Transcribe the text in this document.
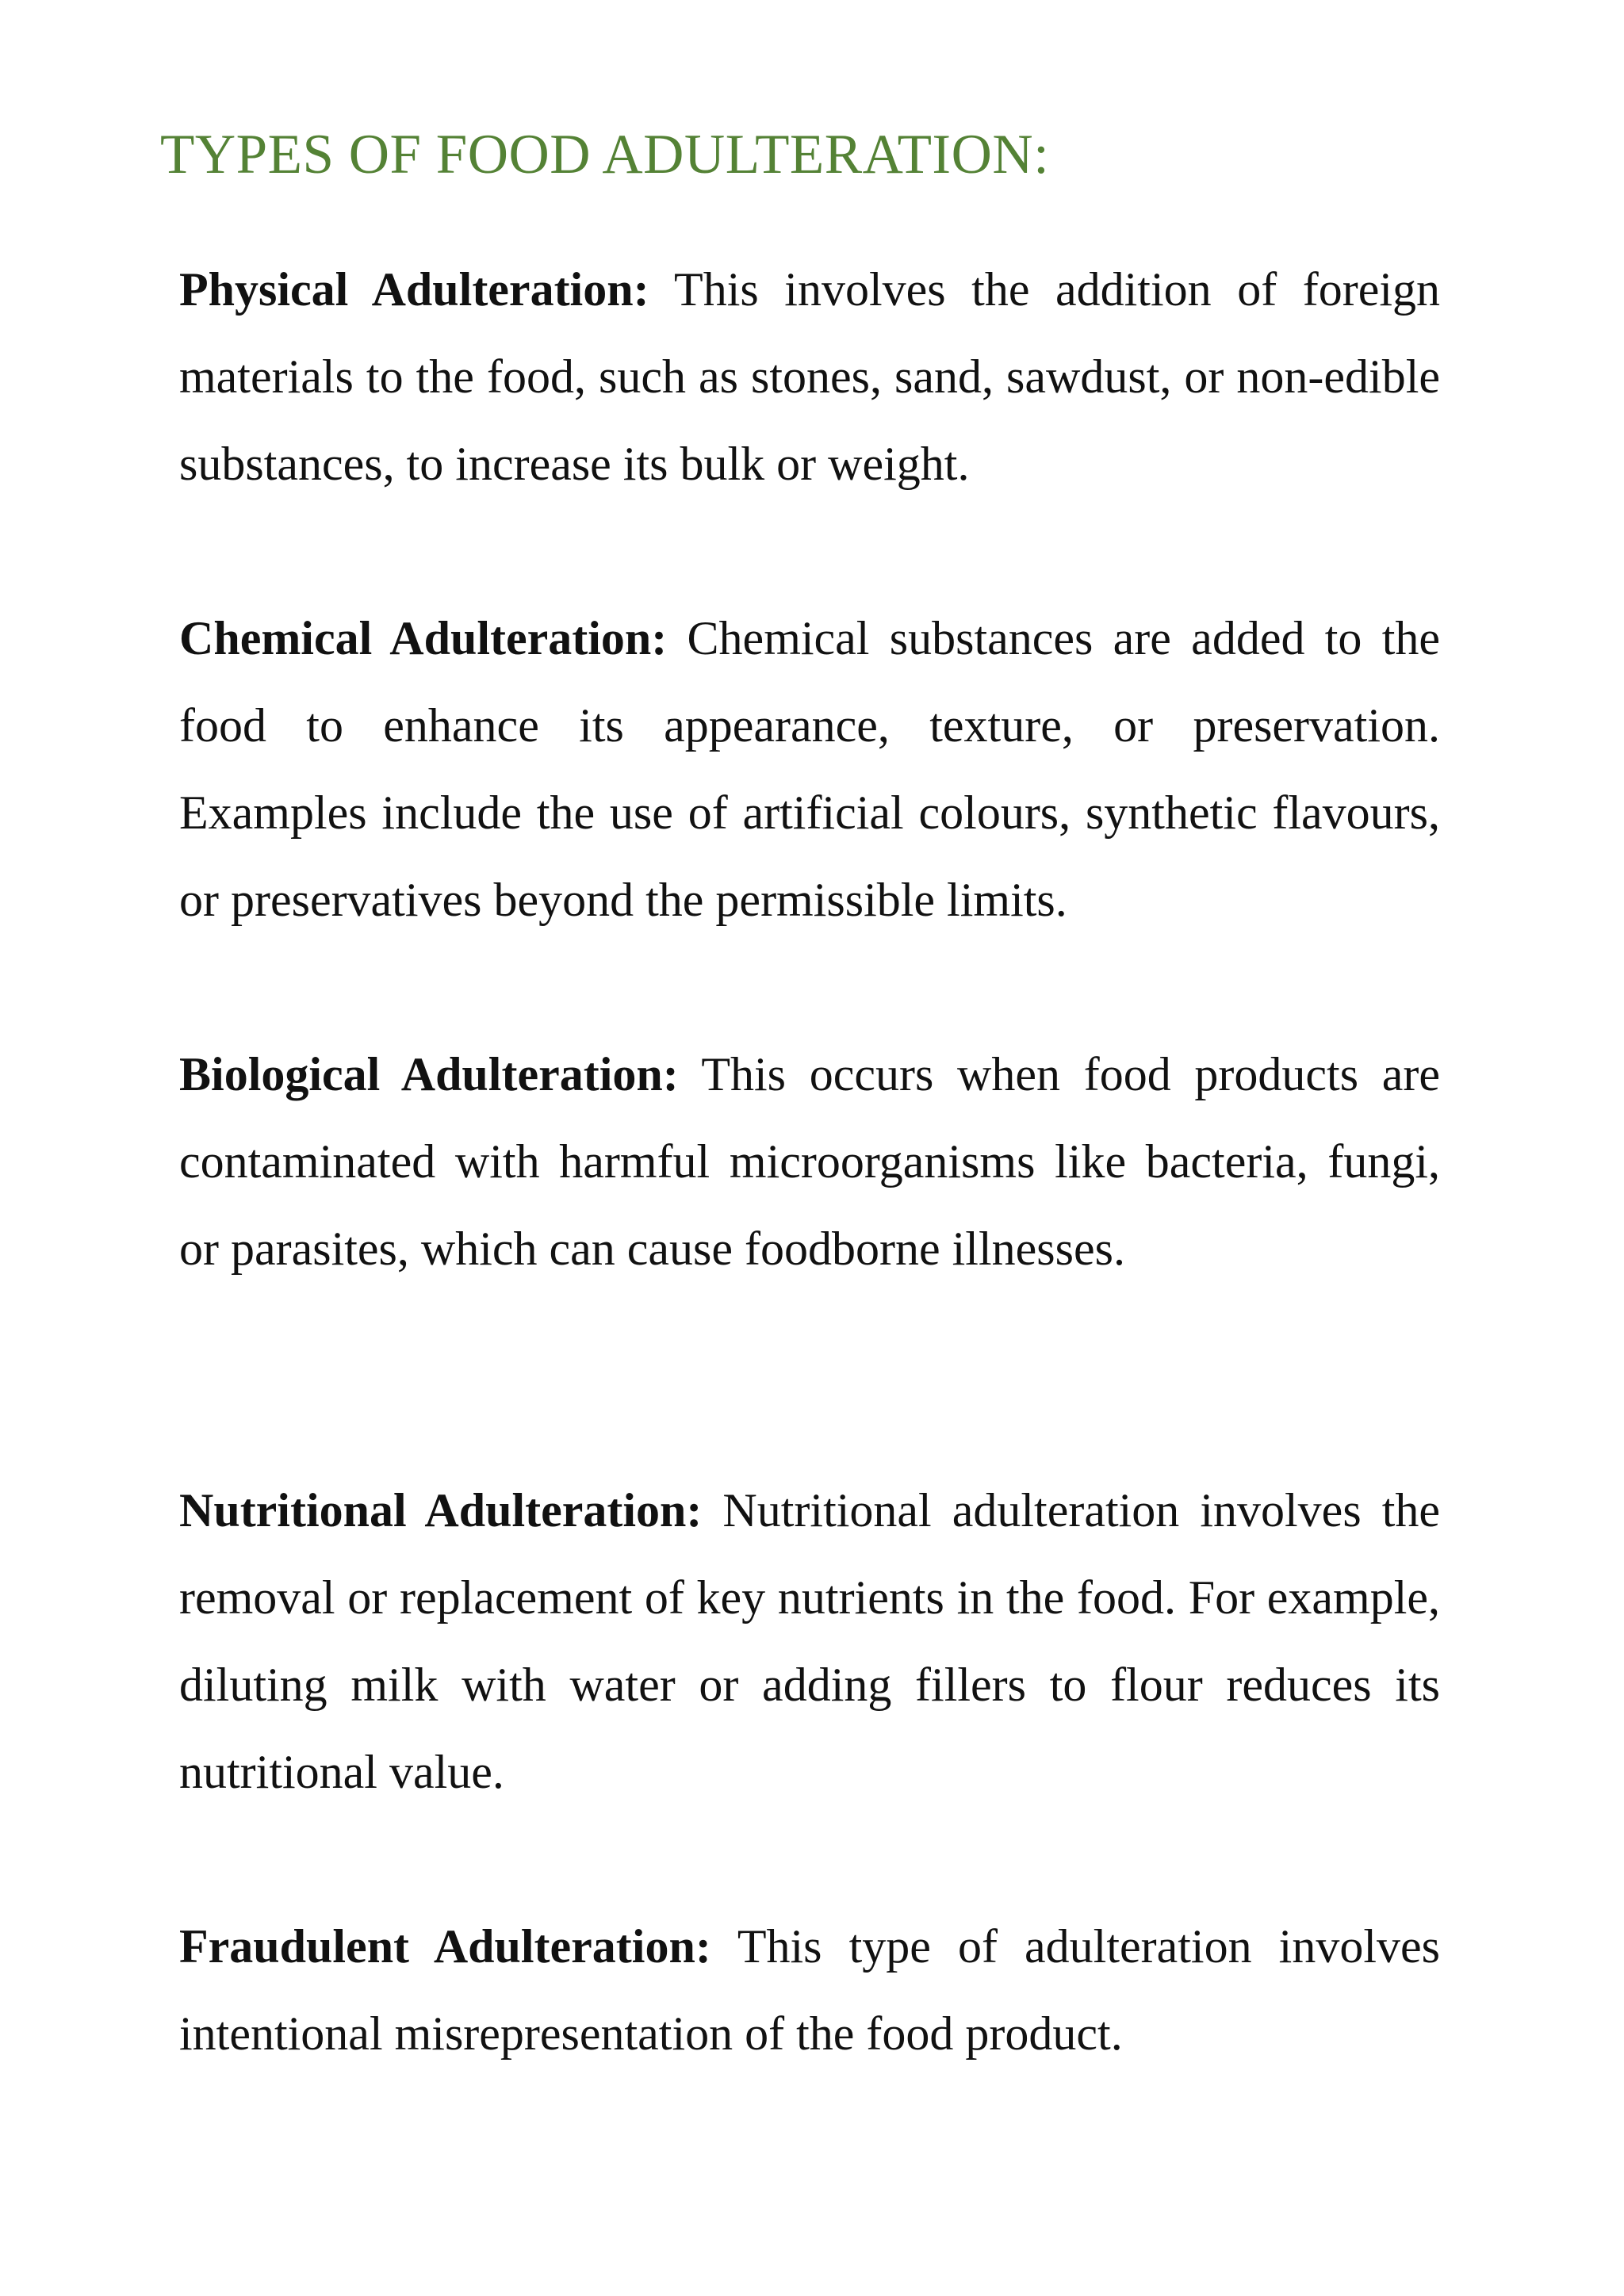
TYPES OF FOOD ADULTERATION:

Physical Adulteration: This involves the addition of foreign materials to the food, such as stones, sand, sawdust, or non-edible substances, to increase its bulk or weight.

Chemical Adulteration: Chemical substances are added to the food to enhance its appearance, texture, or preservation. Examples include the use of artificial colours, synthetic flavours, or preservatives beyond the permissible limits.

Biological Adulteration: This occurs when food products are contaminated with harmful microorganisms like bacteria, fungi, or parasites, which can cause foodborne illnesses.

Nutritional Adulteration: Nutritional adulteration involves the removal or replacement of key nutrients in the food. For example, diluting milk with water or adding fillers to flour reduces its nutritional value.

Fraudulent Adulteration: This type of adulteration involves intentional misrepresentation of the food product.
